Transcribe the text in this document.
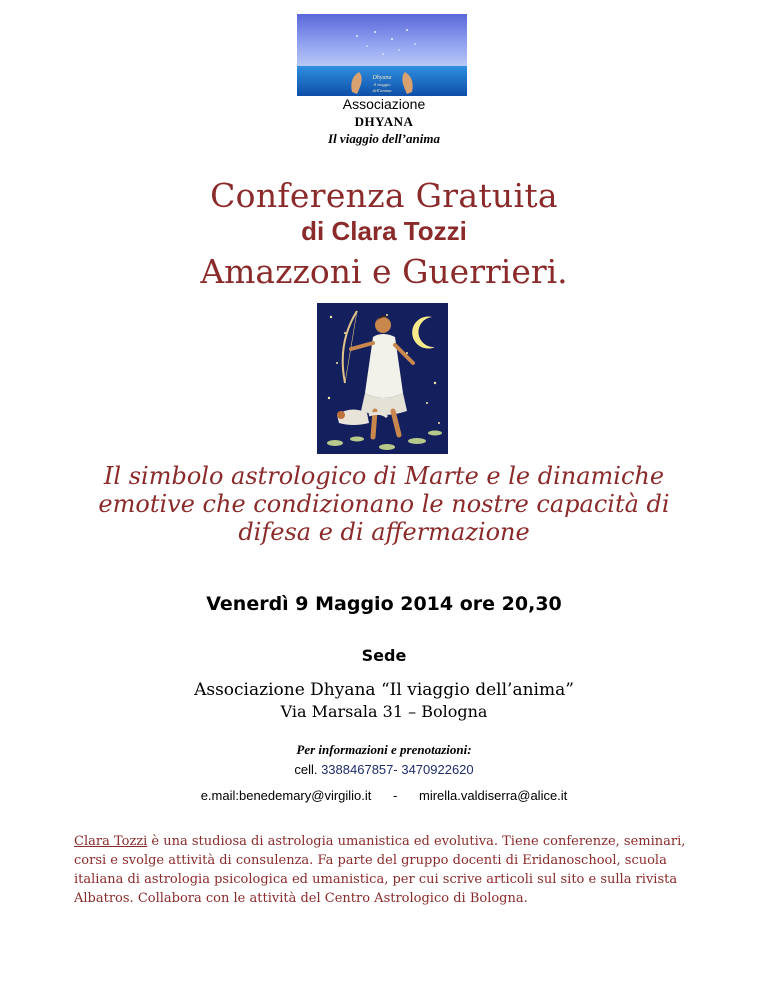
Dhyana
il viaggio
dell'anima
Associazione
DHYANA
Il viaggio dell’anima
Conferenza Gratuita
di Clara Tozzi
Amazzoni e Guerrieri.
Il simbolo astrologico di Marte e le dinamiche emotive che condizionano le nostre capacità di difesa e di affermazione
Venerdì 9 Maggio 2014 ore 20,30
Sede
Associazione Dhyana “Il viaggio dell’anima”
Via Marsala 31 – Bologna
Per informazioni e prenotazioni:
cell. 3388467857- 3470922620
e.mail:benedemary@virgilio.it - mirella.valdiserra@alice.it
Clara Tozzi è una studiosa di astrologia umanistica ed evolutiva. Tiene conferenze, seminari, corsi e svolge attività di consulenza. Fa parte del gruppo docenti di Eridanoschool, scuola italiana di astrologia psicologica ed umanistica, per cui scrive articoli sul sito e sulla rivista Albatros. Collabora con le attività del Centro Astrologico di Bologna.
